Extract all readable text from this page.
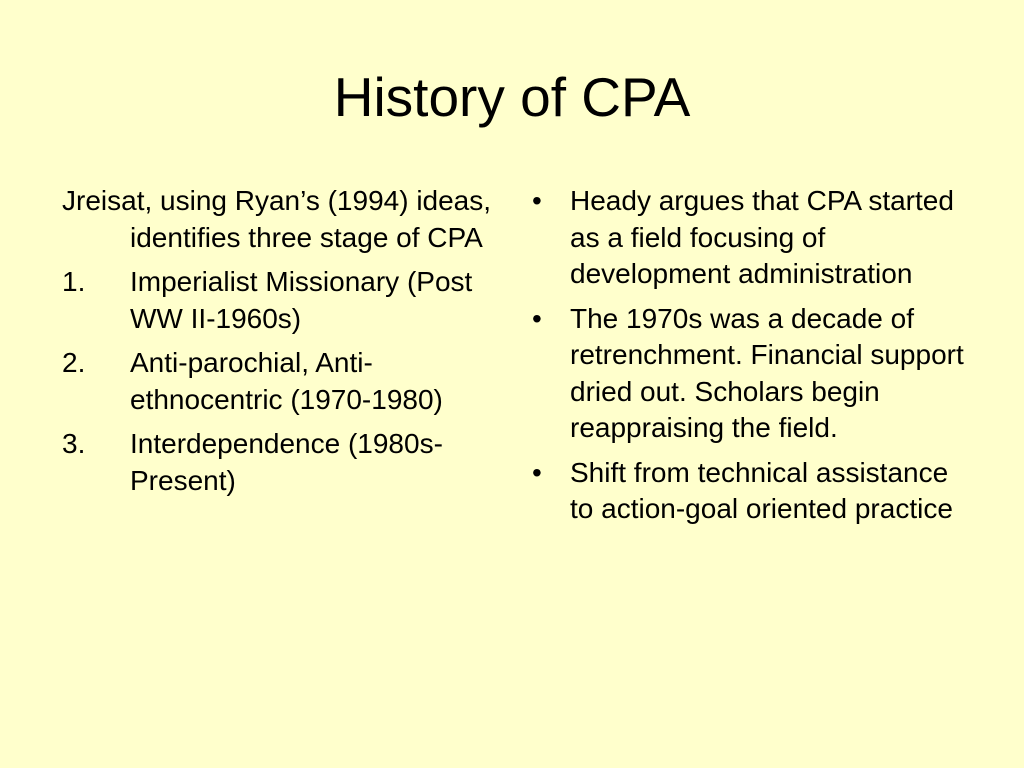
History of CPA

Jreisat, using Ryan’s (1994) ideas, identifies three stage of CPA

1. Imperialist Missionary (Post WW II-1960s)
2. Anti-parochial, Anti-ethnocentric (1970-1980)
3. Interdependence (1980s-Present)
• Heady argues that CPA started as a field focusing of development administration
• The 1970s was a decade of retrenchment. Financial support dried out. Scholars begin reappraising the field.
• Shift from technical assistance to action-goal oriented practice
